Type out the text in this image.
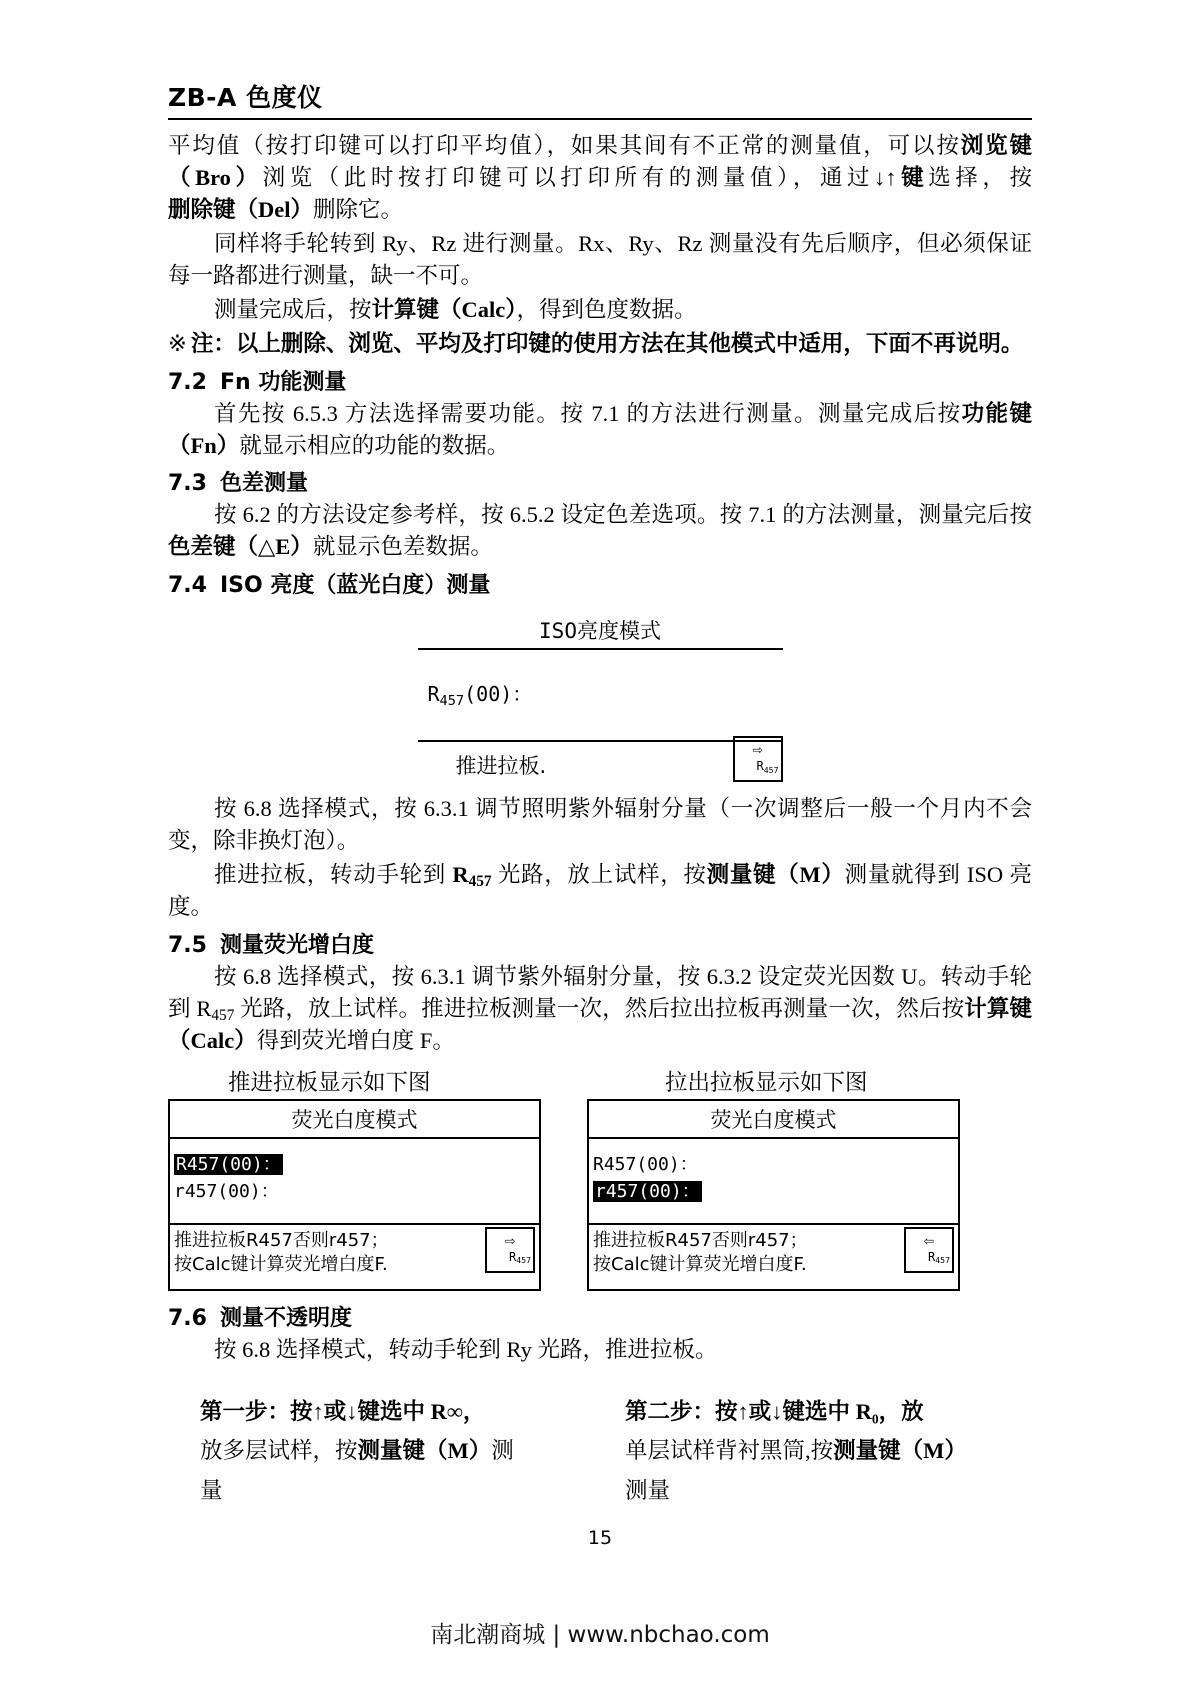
ZB-A 色度仪

平均值（按打印键可以打印平均值），如果其间有不正常的测量值，可以按浏览键（Bro）浏览（此时按打印键可以打印所有的测量值），通过↓↑键选择，按删除键（Del）删除它。

同样将手轮转到 Ry、Rz 进行测量。Rx、Ry、Rz 测量没有先后顺序，但必须保证每一路都进行测量，缺一不可。

测量完成后，按计算键（Calc），得到色度数据。

※ 注：以上删除、浏览、平均及打印键的使用方法在其他模式中适用，下面不再说明。
7.2 Fn 功能测量

首先按 6.5.3 方法选择需要功能。按 7.1 的方法进行测量。测量完成后按功能键（Fn）就显示相应的功能的数据。

7.3 色差测量

按 6.2 的方法设定参考样，按 6.5.2 设定色差选项。按 7.1 的方法测量，测量完后按色差键（△E）就显示色差数据。

7.4 ISO 亮度（蓝光白度）测量
ISO亮度模式
$R_{457}(00)$：
推进拉板.
⇨
$R_{457}$

按 6.8 选择模式，按 6.3.1 调节照明紫外辐射分量（一次调整后一般一个月内不会变，除非换灯泡）。

推进拉板，转动手轮到 $R_{457}$ 光路，放上试样，按测量键（M）测量就得到 ISO 亮度。

7.5 测量荧光增白度

按 6.8 选择模式，按 6.3.1 调节紫外辐射分量，按 6.3.2 设定荧光因数 U。转动手轮到 $R_{457}$ 光路，放上试样。推进拉板测量一次，然后拉出拉板再测量一次，然后按计算键（Calc）得到荧光增白度 F。

推进拉板显示如下图	拉出拉板显示如下图
荧光白度模式
R457(00)：
r457(00)：
推进拉板R457否则r457；
按Calc键计算荧光增白度F.
⇨
$R_{457}$
荧光白度模式
R457(00)：
r457(00)：
推进拉板R457否则r457；
按Calc键计算荧光增白度F.
⇦
$R_{457}$
7.6 测量不透明度

按 6.8 选择模式，转动手轮到 Ry 光路，推进拉板。

第一步：按↑或↓键选中 R∞，
放多层试样，按测量键（M）测
量
第二步：按↑或↓键选中 R₀，放
单层试样背衬黑筒,按测量键（M）
测量
15
南北潮商城 | www.nbchao.com
